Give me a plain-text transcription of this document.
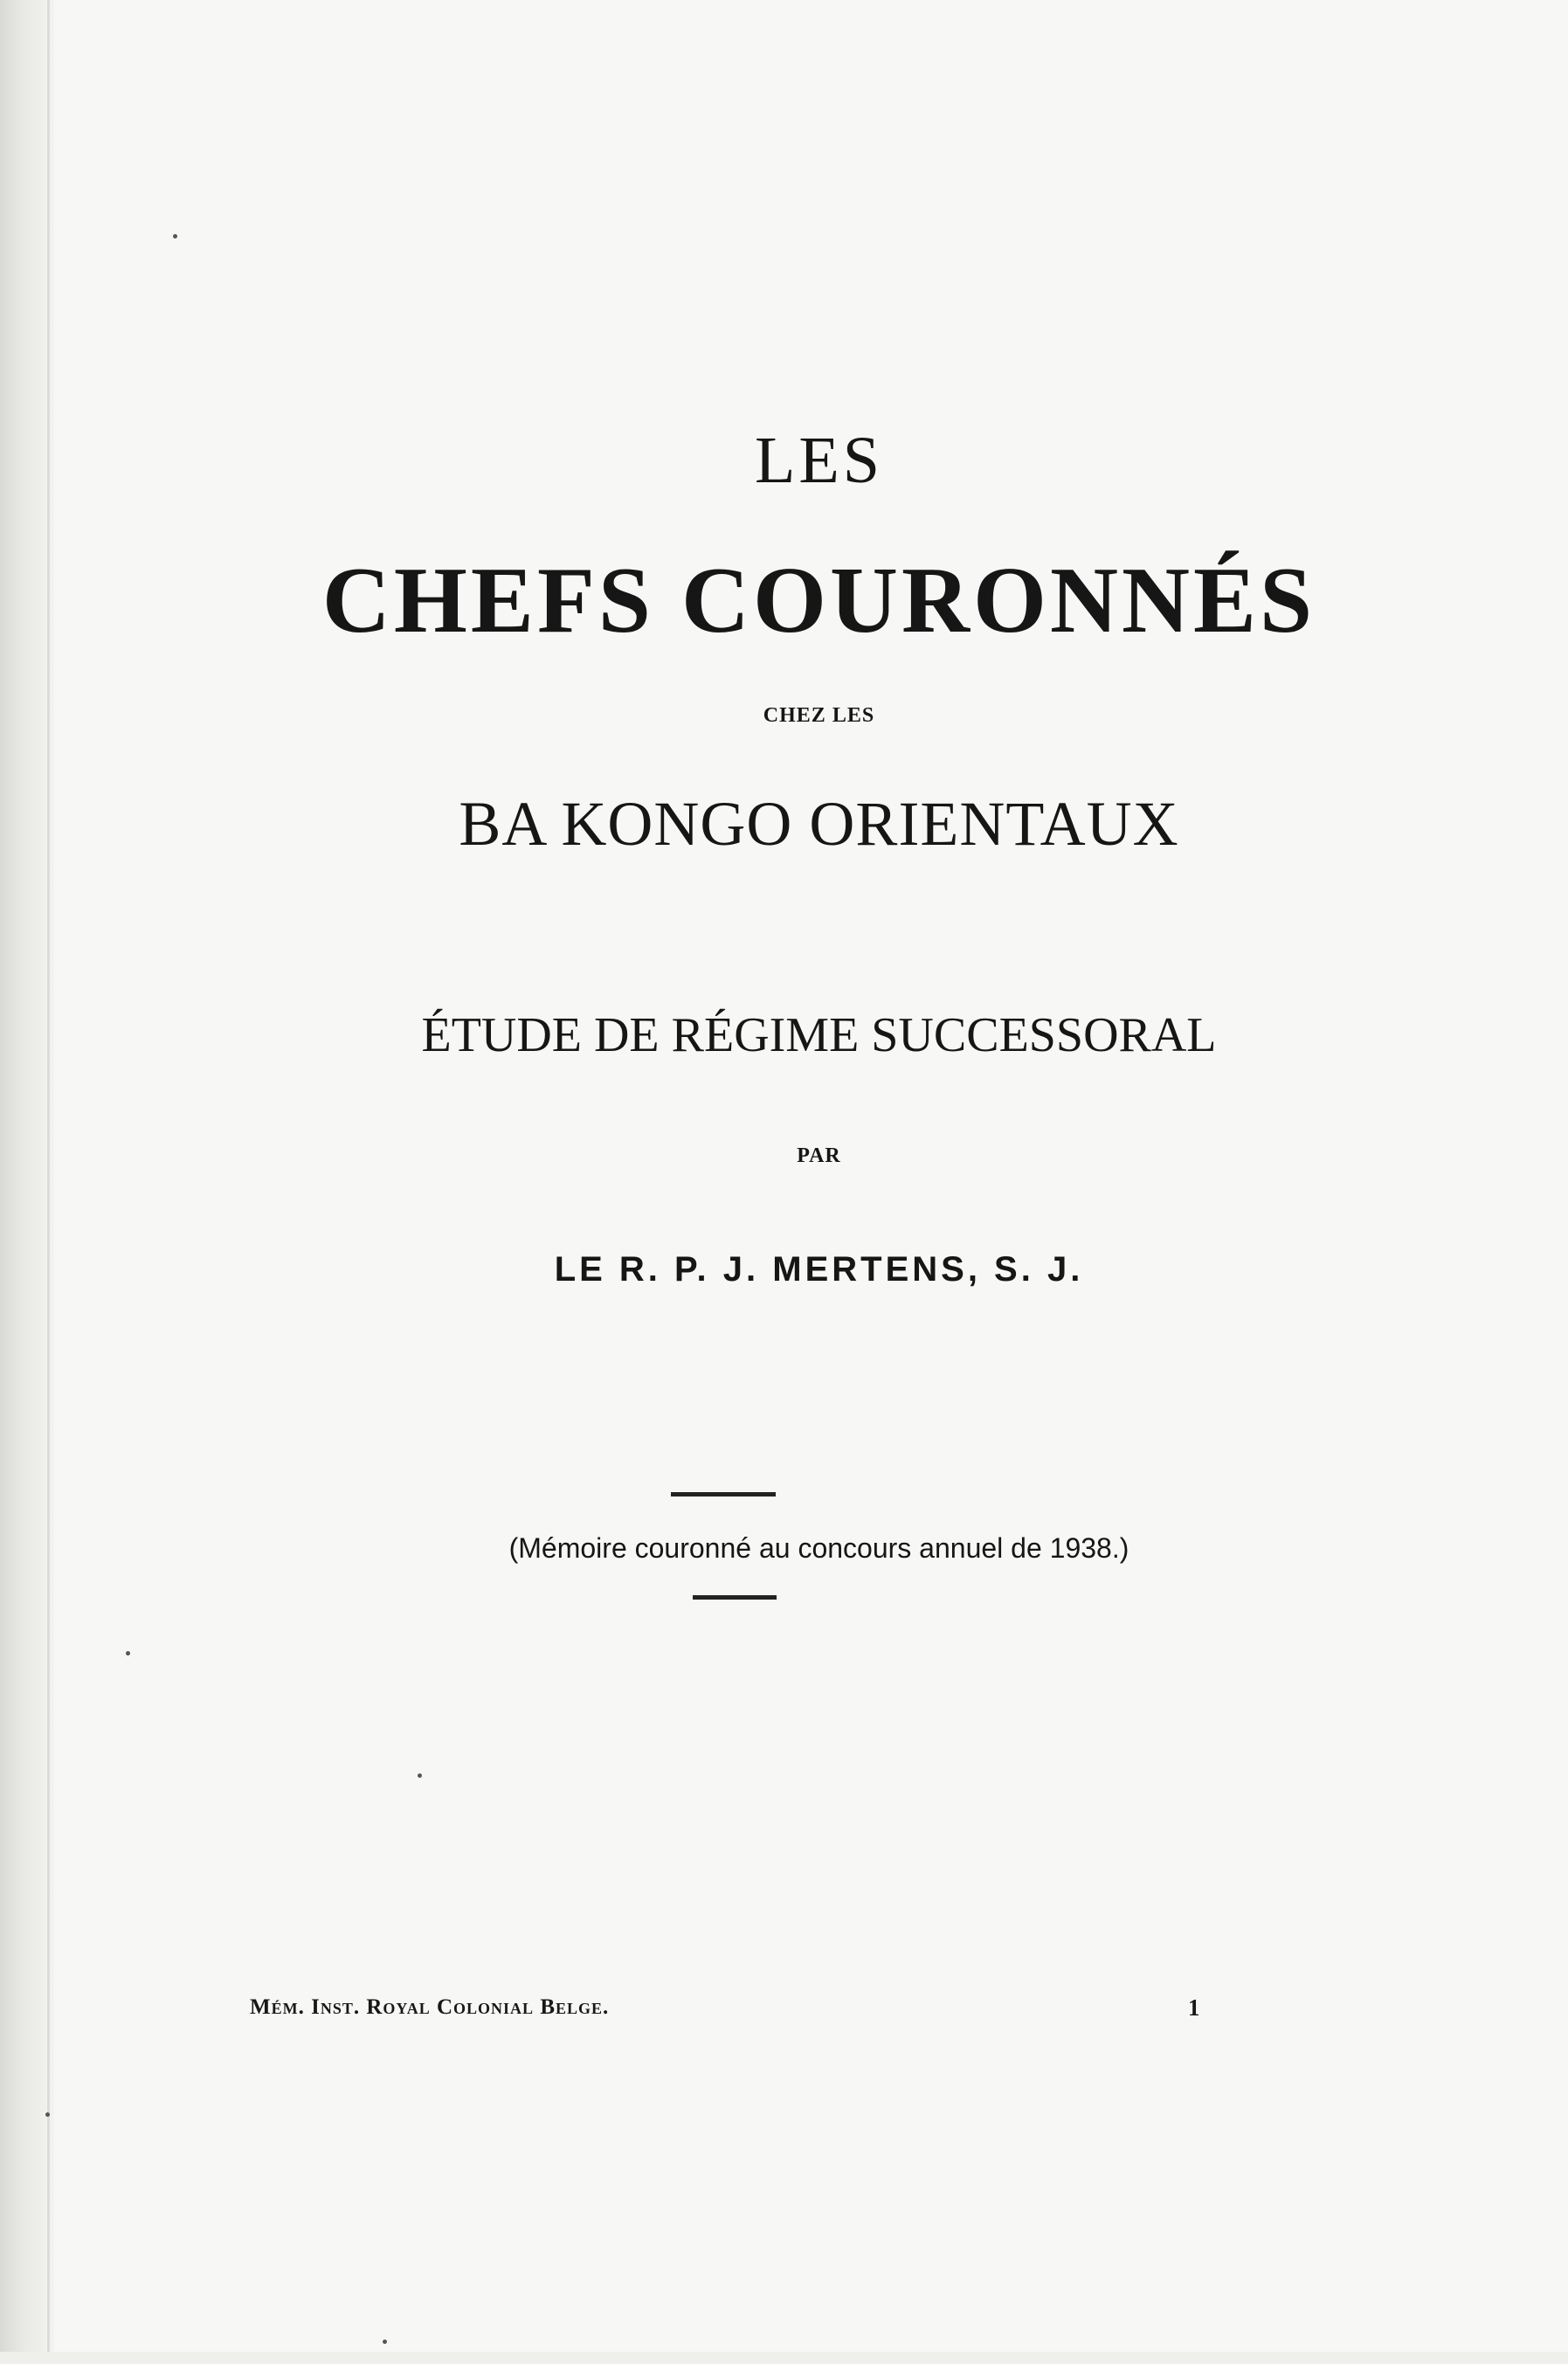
LES
CHEFS COURONNÉS
CHEZ LES
BA KONGO ORIENTAUX
ÉTUDE DE RÉGIME SUCCESSORAL
PAR
LE R. P. J. MERTENS, S. J.
(Mémoire couronné au concours annuel de 1938.)
Mém. Inst. Royal Colonial Belge.	1
